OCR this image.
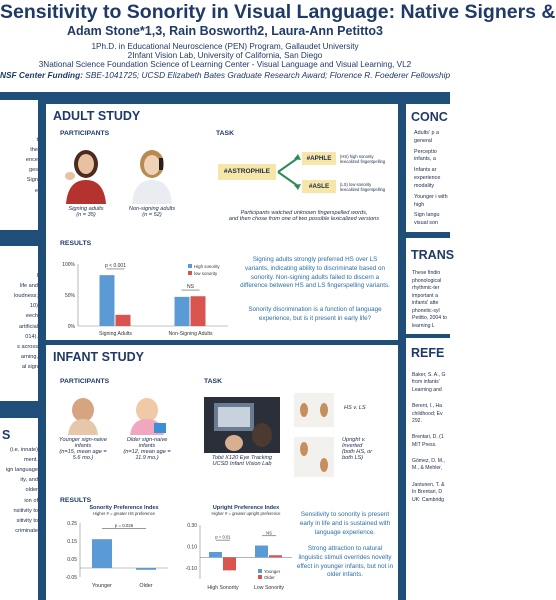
Sensitivity to Sonority in Visual Language: Native Signers &
Adam Stone*1,3, Rain Bosworth2, Laura-Ann Petitto3
1Ph.D. in Educational Neuroscience (PEN) Program, Gallaudet University
2Infant Vision Lab, University of California, San Diego
3National Science Foundation Science of Learning Center - Visual Language and Visual Learning, VL2
NSF Center Funding: SBE-1041725; UCSD Elizabeth Bates Graduate Research Award; Florence R. Foederer Fellowship
t
the
ence
ges
Sign
e
l
life and
loudness;
10)
eech
artificial
014).
s across
arning,
al sign
S
(i.e. innate)
ment.
ign language
ity, and
older
ion of
nsitivity to
sitivity to
criminate
ADULT STUDY
PARTICIPANTS	TASK
Signing adults
(n = 35)
Non-signing adults
(n = 52)
#ASTROPHILE
#APHLE
#ASLE
(HS) high sonority
lexicalized fingerspelling
(LS) low sonority
lexicalized fingerspelling
Participants watched unknown fingerspelled words,
and then chose from one of two possible lexicalized versions
RESULTS
0%
50%
100%
Signing Adults	Non-Signing Adults
p < 0.001
NS
High sonority
low sonority
Signing adults strongly preferred HS over LS variants, indicating ability to discriminate based on sonority. Non-signing adults failed to discern a difference between HS and LS fingerspelling variants.
Sonority discrimination is a function of language experience, but is it present in early life?
INFANT STUDY
PARTICIPANTS	TASK
Younger sign-naive
infants
(n=15, mean age =
5.6 mo.)
Older sign-naive
infants
(n=12, mean age =
11.9 mo.)	Tobii X120 Eye Tracking
UCSD Infant Vision Lab
HS v. LS
Upright v.
Inverted
(both HS, or
both LS)
RESULTS
Sonority Preference Index
Higher # = greater HS preference
0.25
0.15
0.05
-0.05
Younger	Older
p = 0.026
Upright Preference Index
Higher # = greater upright preference
0.30
0.10
-0.10
High Sonority	Low Sonority
p = 0.01
NS
Younger
Older
Sensitivity to sonority is present early in life and is sustained with language experience.
Strong attraction to natural linguistic stimuli overrides novelty effect in younger infants, but not in older infants.
CONC
Adults' p a general
Perceptio infants, a
Infants ar experience modality
Younger i with high
Sign langu visual son
TRANS
These findin phonological rhythmic-ter important a infants' atte phonetic-syl Petitto, 2004 to learning L
REFE
Baker, S. A., G from infants' Learning and
Berent, I., Ha childhood; Ev 292.
Brentari, D. (1 MIT Press.
Gómez, D. M., M., & Mehler,
Jantunen, T. & In Brentari, D UK: Cambridg
